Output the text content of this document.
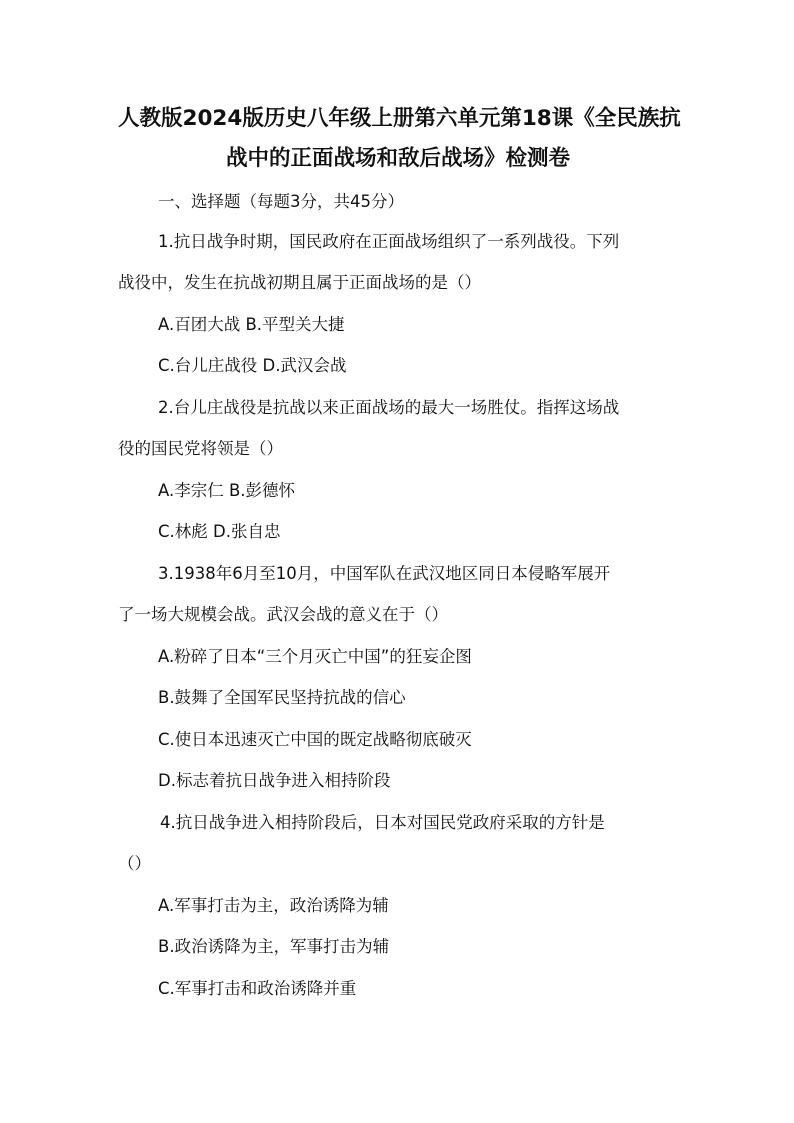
人教版2024版历史八年级上册第六单元第18课《全民族抗
战中的正面战场和敌后战场》检测卷

一、选择题（每题3分，共45分）

1.抗日战争时期，国民政府在正面战场组织了一系列战役。下列

战役中，发生在抗战初期且属于正面战场的是（）

A.百团大战 B.平型关大捷

C.台儿庄战役 D.武汉会战

2.台儿庄战役是抗战以来正面战场的最大一场胜仗。指挥这场战

役的国民党将领是（）

A.李宗仁 B.彭德怀

C.林彪 D.张自忠

3.1938年6月至10月，中国军队在武汉地区同日本侵略军展开

了一场大规模会战。武汉会战的意义在于（）

A.粉碎了日本“三个月灭亡中国”的狂妄企图

B.鼓舞了全国军民坚持抗战的信心

C.使日本迅速灭亡中国的既定战略彻底破灭

D.标志着抗日战争进入相持阶段

4.抗日战争进入相持阶段后，日本对国民党政府采取的方针是

（）

A.军事打击为主，政治诱降为辅

B.政治诱降为主，军事打击为辅

C.军事打击和政治诱降并重
